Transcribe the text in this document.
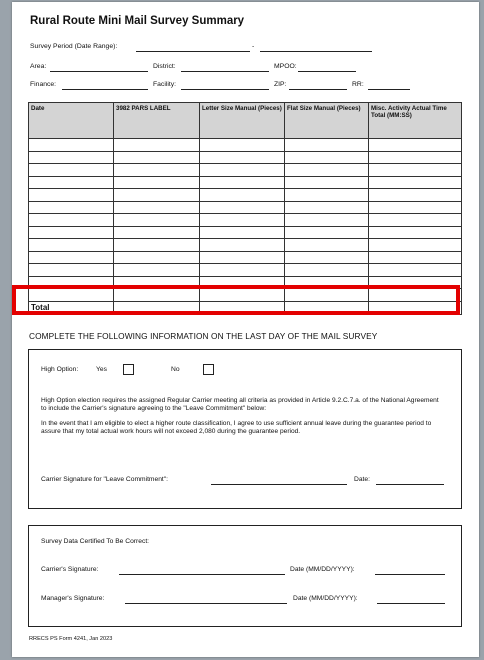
Rural Route Mini Mail Survey Summary
Survey Period (Date Range):	-
Area:	District:	MPOO:
Finance:	Facility:	ZIP:	RR:
Date	3982 PARS LABEL	Letter Size Manual (Pieces)	Flat Size Manual (Pieces)	Misc. Activity Actual Time Total (MM:SS)

Total				
COMPLETE THE FOLLOWING INFORMATION ON THE LAST DAY OF THE MAIL SURVEY
High Option:	Yes	No
High Option election requires the assigned Regular Carrier meeting all criteria as provided in Article 9.2.C.7.a. of the National Agreement to include the Carrier's signature agreeing to the "Leave Commitment" below:
In the event that I am eligible to elect a higher route classification, I agree to use sufficient annual leave during the guarantee period to assure that my total actual work hours will not exceed 2,080 during the guarantee period.
Carrier Signature for "Leave Commitment":	Date:
Survey Data Certified To Be Correct:
Carrier's Signature:	Date (MM/DD/YYYY):
Manager's Signature:	Date (MM/DD/YYYY):
RRECS PS Form 4241, Jan 2023
